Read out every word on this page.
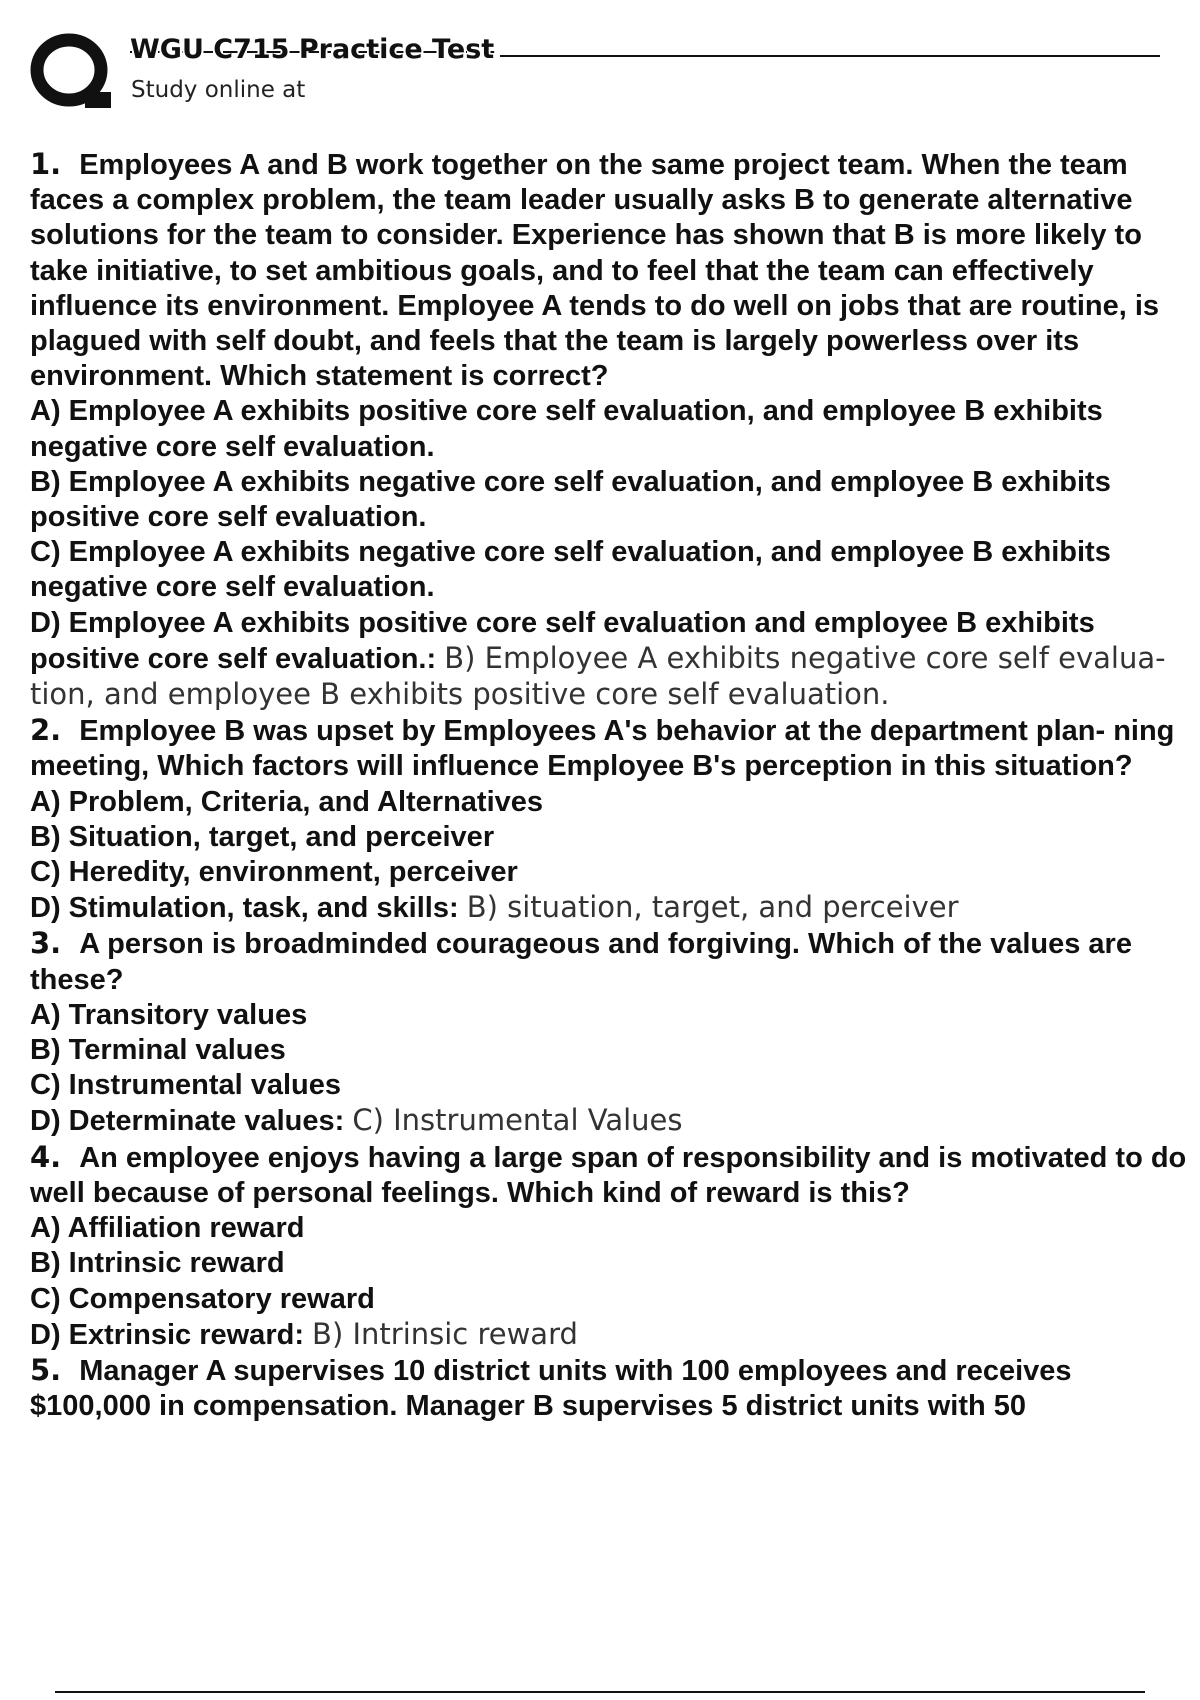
WGU C715 Practice Test
Study online at

1. Employees A and B work together on the same project team. When the team faces a complex problem, the team leader usually asks B to generate alternative solutions for the team to consider. Experience has shown that B is more likely to take initiative, to set ambitious goals, and to feel that the team can effectively influence its environment. Employee A tends to do well on jobs that are routine, is plagued with self doubt, and feels that the team is largely powerless over its environment. Which statement is correct?

A) Employee A exhibits positive core self evaluation, and employee B exhibits negative core self evaluation.

B) Employee A exhibits negative core self evaluation, and employee B exhibits positive core self evaluation.

C) Employee A exhibits negative core self evaluation, and employee B exhibits negative core self evaluation.

D) Employee A exhibits positive core self evaluation and employee B exhibits positive core self evaluation.: B) Employee A exhibits negative core self evalua- tion, and employee B exhibits positive core self evaluation.

2. Employee B was upset by Employees A's behavior at the department plan- ning meeting, Which factors will influence Employee B's perception in this situation?

A) Problem, Criteria, and Alternatives

B) Situation, target, and perceiver

C) Heredity, environment, perceiver

D) Stimulation, task, and skills: B) situation, target, and perceiver

3. A person is broadminded courageous and forgiving. Which of the values are these?

A) Transitory values

B) Terminal values

C) Instrumental values

D) Determinate values: C) Instrumental Values

4. An employee enjoys having a large span of responsibility and is motivated to do well because of personal feelings. Which kind of reward is this?

A) Affiliation reward

B) Intrinsic reward

C) Compensatory reward

D) Extrinsic reward: B) Intrinsic reward

5. Manager A supervises 10 district units with 100 employees and receives $100,000 in compensation. Manager B supervises 5 district units with 50
